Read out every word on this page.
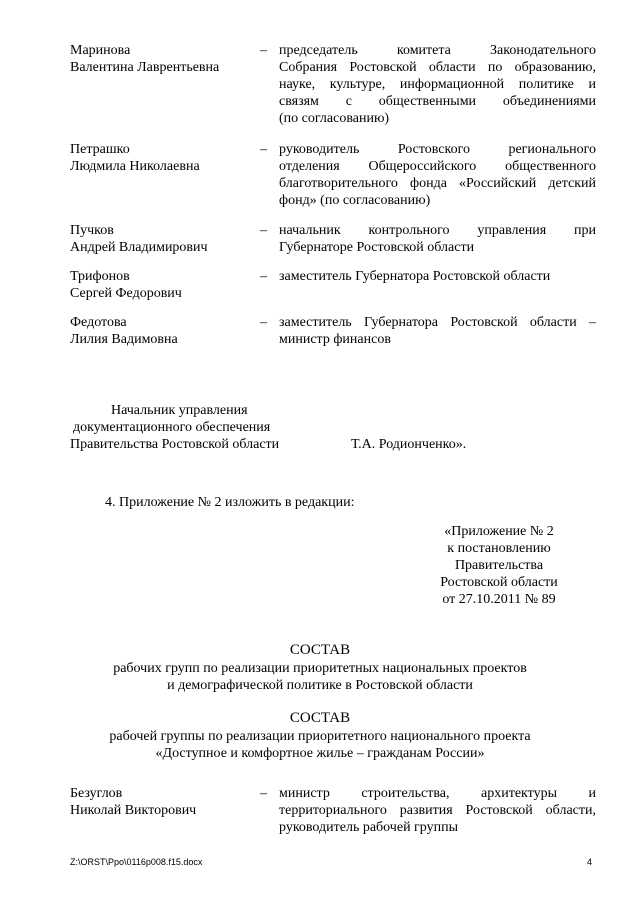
Маринова
Валентина Лаврентьевна
– председатель комитета Законодательного
Собрания Ростовской области по образованию,
науке, культуре, информационной политике и
связям с общественными объединениями
(по согласованию)
Петрашко
Людмила Николаевна
– руководитель Ростовского регионального
отделения Общероссийского общественного
благотворительного фонда «Российский детский
фонд» (по согласованию)
Пучков
Андрей Владимирович
– начальник контрольного управления при
Губернаторе Ростовской области
Трифонов
Сергей Федорович
– заместитель Губернатора Ростовской области
Федотова
Лилия Вадимовна
– заместитель Губернатора Ростовской области –
министр финансов
Начальник управления
документационного обеспечения
Правительства Ростовской области	Т.А. Родионченко».
4. Приложение № 2 изложить в редакции:
«Приложение № 2
к постановлению
Правительства
Ростовской области
от 27.10.2011 № 89
СОСТАВ
рабочих групп по реализации приоритетных национальных проектов
и демографической политике в Ростовской области
СОСТАВ
рабочей группы по реализации приоритетного национального проекта
«Доступное и комфортное жилье – гражданам России»
Безуглов
Николай Викторович
– министр строительства, архитектуры и
территориального развития Ростовской области,
руководитель рабочей группы
Z:\ORST\Ppo\0116p008.f15.docx	4
